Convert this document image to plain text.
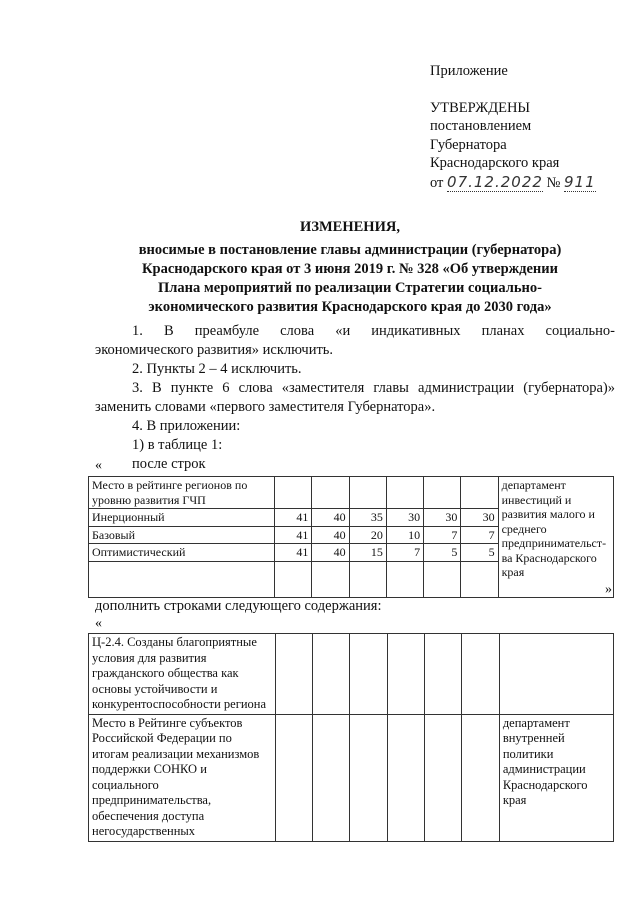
Приложение
УТВЕРЖДЕНЫ
постановлением
Губернатора
Краснодарского края
от 07.12.2022 № 911
ИЗМЕНЕНИЯ,
вносимые в постановление главы администрации (губернатора)
Краснодарского края от 3 июня 2019 г. № 328 «Об утверждении
Плана мероприятий по реализации Стратегии социально-
экономического развития Краснодарского края до 2030 года»

1. В преамбуле слова «и индикативных планах социально-

экономического развития» исключить.

2. Пункты 2 – 4 исключить.

3. В пункте 6 слова «заместителя главы администрации (губернатора)»

заменить словами «первого заместителя Губернатора».

4. В приложении:

1) в таблице 1:

после строк

«
Место в рейтинге регионов по уровню развития ГЧП							департамент инвестиций и развития малого и среднего предпринимательст-ва Краснодарского края
Инерционный	41	40	35	30	30	30	
Базовый	41	40	20	10	7	7	
Оптимистический	41	40	15	7	5	5	

»
дополнить строками следующего содержания:
«
Ц-2.4. Созданы благоприятные условия для развития гражданского общества как основы устойчивости и конкурентоспособности региона							
Место в Рейтинге субъектов Российской Федерации по итогам реализации механизмов поддержки СОНКО и социального предпринимательства, обеспечения доступа негосударственных							департамент внутренней политики администрации Краснодарского края
